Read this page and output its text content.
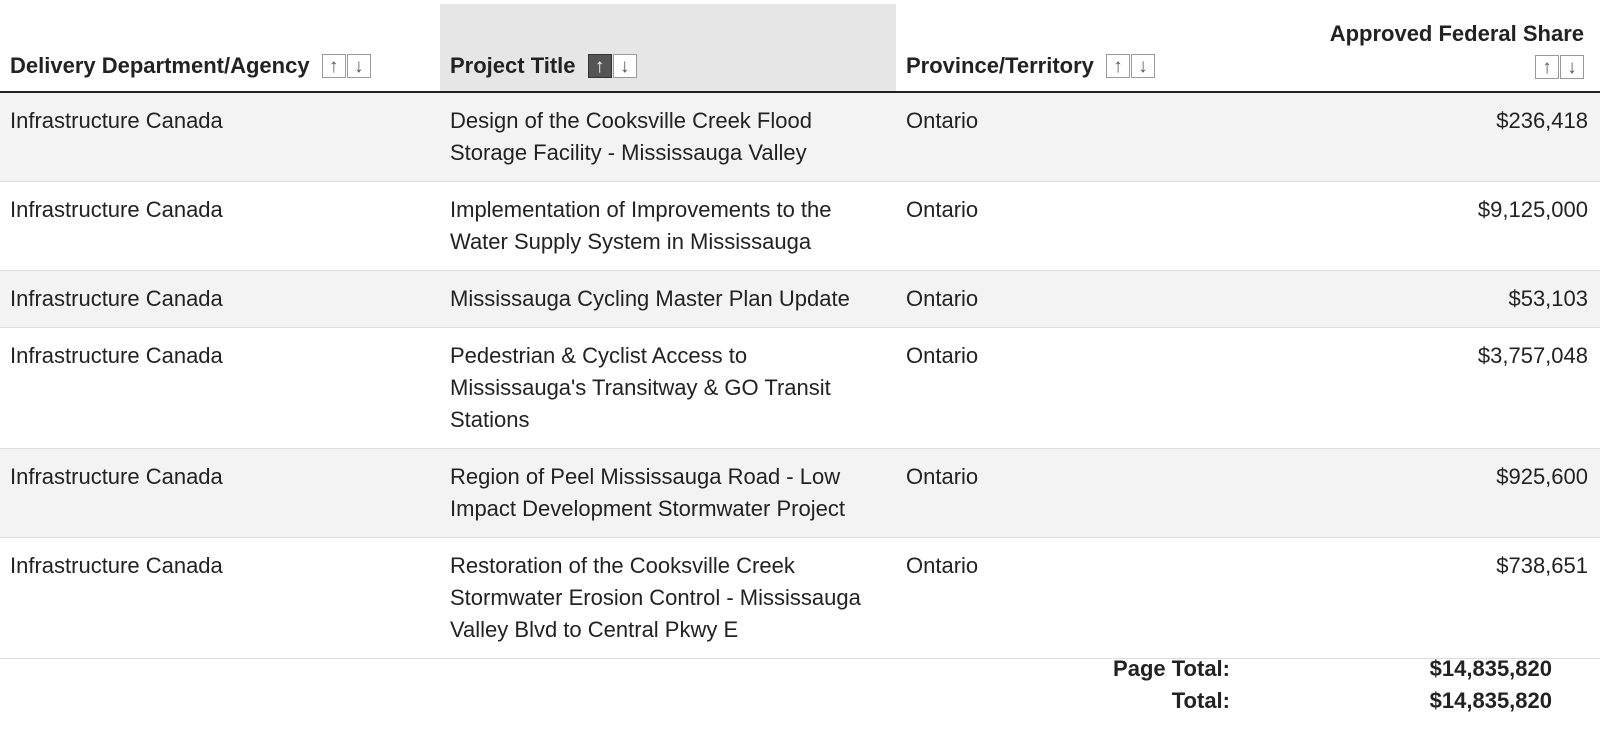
Delivery Department/Agency ↑ ↓	Project Title ↑ ↓	Province/Territory ↑ ↓	Approved Federal Share
↑ ↓

Infrastructure Canada	Design of the Cooksville Creek Flood Storage Facility - Mississauga Valley	Ontario	$236,418
Infrastructure Canada	Implementation of Improvements to the Water Supply System in Mississauga	Ontario	$9,125,000
Infrastructure Canada	Mississauga Cycling Master Plan Update	Ontario	$53,103
Infrastructure Canada	Pedestrian & Cyclist Access to Mississauga's Transitway & GO Transit Stations	Ontario	$3,757,048
Infrastructure Canada	Region of Peel Mississauga Road - Low Impact Development Stormwater Project	Ontario	$925,600
Infrastructure Canada	Restoration of the Cooksville Creek Stormwater Erosion Control - Mississauga Valley Blvd to Central Pkwy E	Ontario	$738,651
Page Total:	$14,835,820
Total:	$14,835,820
